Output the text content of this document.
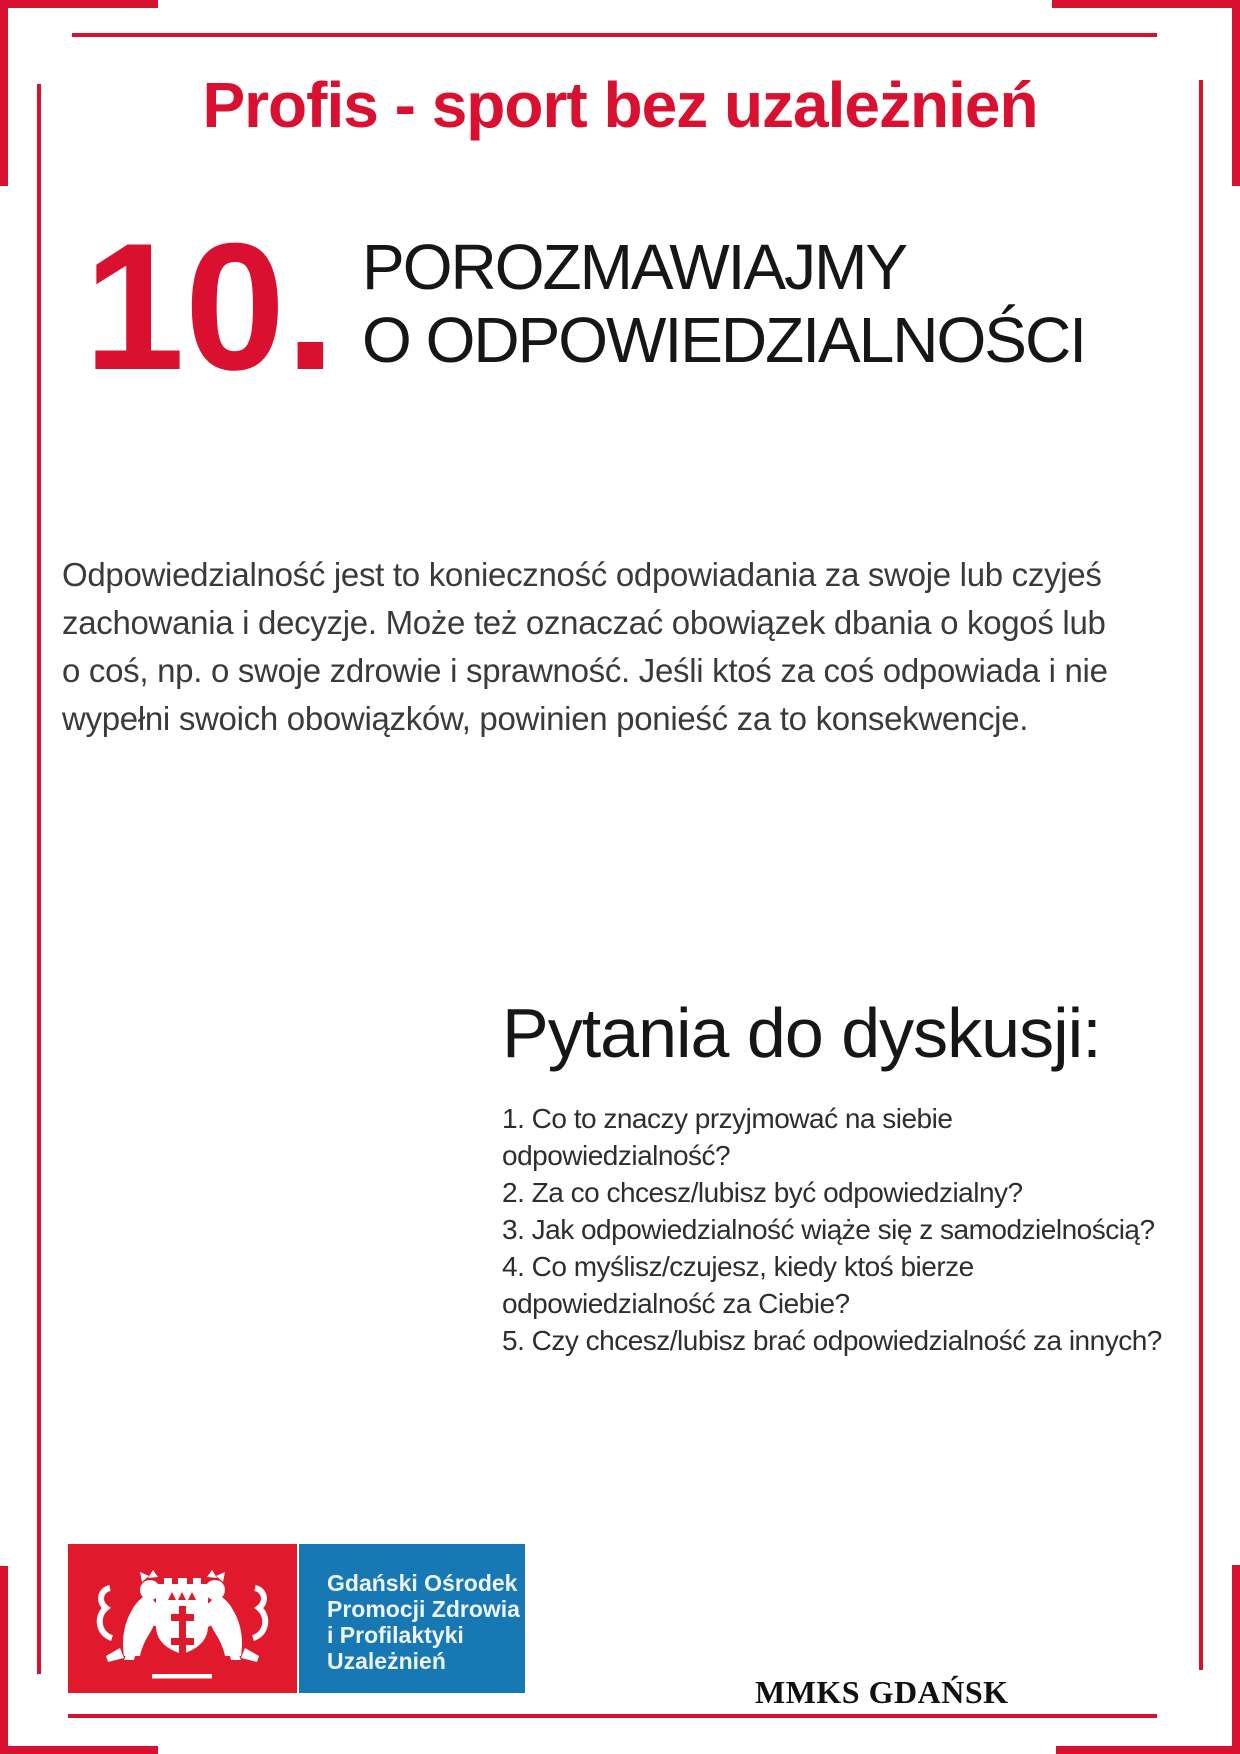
Profis - sport bez uzależnień
10. POROZMAWIAJMY
O ODPOWIEDZIALNOŚCI
Odpowiedzialność jest to konieczność odpowiadania za swoje lub czyjeś
zachowania i decyzje. Może też oznaczać obowiązek dbania o kogoś lub
o coś, np. o swoje zdrowie i sprawność. Jeśli ktoś za coś odpowiada i nie
wypełni swoich obowiązków, powinien ponieść za to konsekwencje.
Pytania do dyskusji:
1. Co to znaczy przyjmować na siebie
odpowiedzialność?
2. Za co chcesz/lubisz być odpowiedzialny?
3. Jak odpowiedzialność wiąże się z samodzielnością?
4. Co myślisz/czujesz, kiedy ktoś bierze
odpowiedzialność za Ciebie?
5. Czy chcesz/lubisz brać odpowiedzialność za innych?
Gdański Ośrodek
Promocji Zdrowia
i Profilaktyki
Uzależnień
MMKS GDAŃSK
